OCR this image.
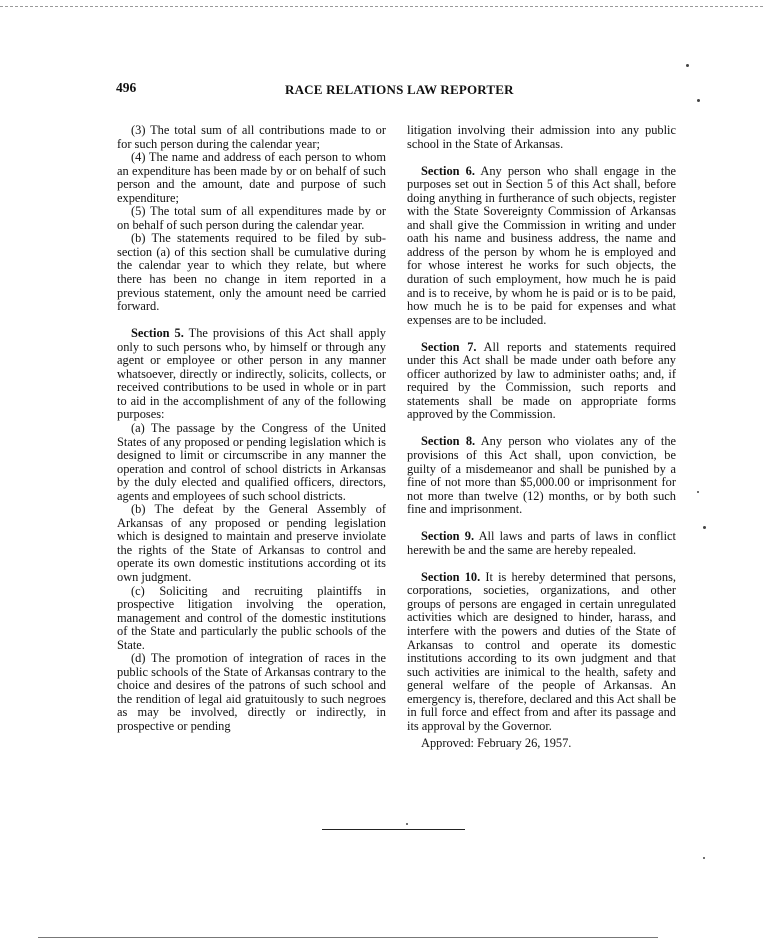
496	RACE RELATIONS LAW REPORTER

(3) The total sum of all contributions made to or for such person during the calendar year;

(4) The name and address of each person to whom an expenditure has been made by or on behalf of such person and the amount, date and purpose of such expenditure;

(5) The total sum of all expenditures made by or on behalf of such person during the calendar year.

(b) The statements required to be filed by sub-section (a) of this section shall be cumulative during the calendar year to which they relate, but where there has been no change in item reported in a previous statement, only the amount need be carried forward.

Section 5. The provisions of this Act shall apply only to such persons who, by himself or through any agent or employee or other person in any manner whatsoever, directly or indirectly, solicits, collects, or received contributions to be used in whole or in part to aid in the accomplishment of any of the following purposes:

(a) The passage by the Congress of the United States of any proposed or pending legislation which is designed to limit or circumscribe in any manner the operation and control of school districts in Arkansas by the duly elected and qualified officers, directors, agents and employees of such school districts.

(b) The defeat by the General Assembly of Arkansas of any proposed or pending legislation which is designed to maintain and preserve inviolate the rights of the State of Arkansas to control and operate its own domestic institutions according ot its own judgment.

(c) Soliciting and recruiting plaintiffs in prospective litigation involving the operation, management and control of the domestic institutions of the State and particularly the public schools of the State.

(d) The promotion of integration of races in the public schools of the State of Arkansas contrary to the choice and desires of the patrons of such school and the rendition of legal aid gratuitously to such negroes as may be involved, directly or indirectly, in prospective or pending

litigation involving their admission into any public school in the State of Arkansas.

Section 6. Any person who shall engage in the purposes set out in Section 5 of this Act shall, before doing anything in furtherance of such objects, register with the State Sovereignty Commission of Arkansas and shall give the Commission in writing and under oath his name and business address, the name and address of the person by whom he is employed and for whose interest he works for such objects, the duration of such employment, how much he is paid and is to receive, by whom he is paid or is to be paid, how much he is to be paid for expenses and what expenses are to be included.

Section 7. All reports and statements required under this Act shall be made under oath before any officer authorized by law to administer oaths; and, if required by the Commission, such reports and statements shall be made on appropriate forms approved by the Commission.

Section 8. Any person who violates any of the provisions of this Act shall, upon conviction, be guilty of a misdemeanor and shall be punished by a fine of not more than $5,000.00 or imprisonment for not more than twelve (12) months, or by both such fine and imprisonment.

Section 9. All laws and parts of laws in conflict herewith be and the same are hereby repealed.

Section 10. It is hereby determined that persons, corporations, societies, organizations, and other groups of persons are engaged in certain unregulated activities which are designed to hinder, harass, and interfere with the powers and duties of the State of Arkansas to control and operate its domestic institutions according to its own judgment and that such activities are inimical to the health, safety and general welfare of the people of Arkansas. An emergency is, therefore, declared and this Act shall be in full force and effect from and after its passage and its approval by the Governor.

Approved: February 26, 1957.
